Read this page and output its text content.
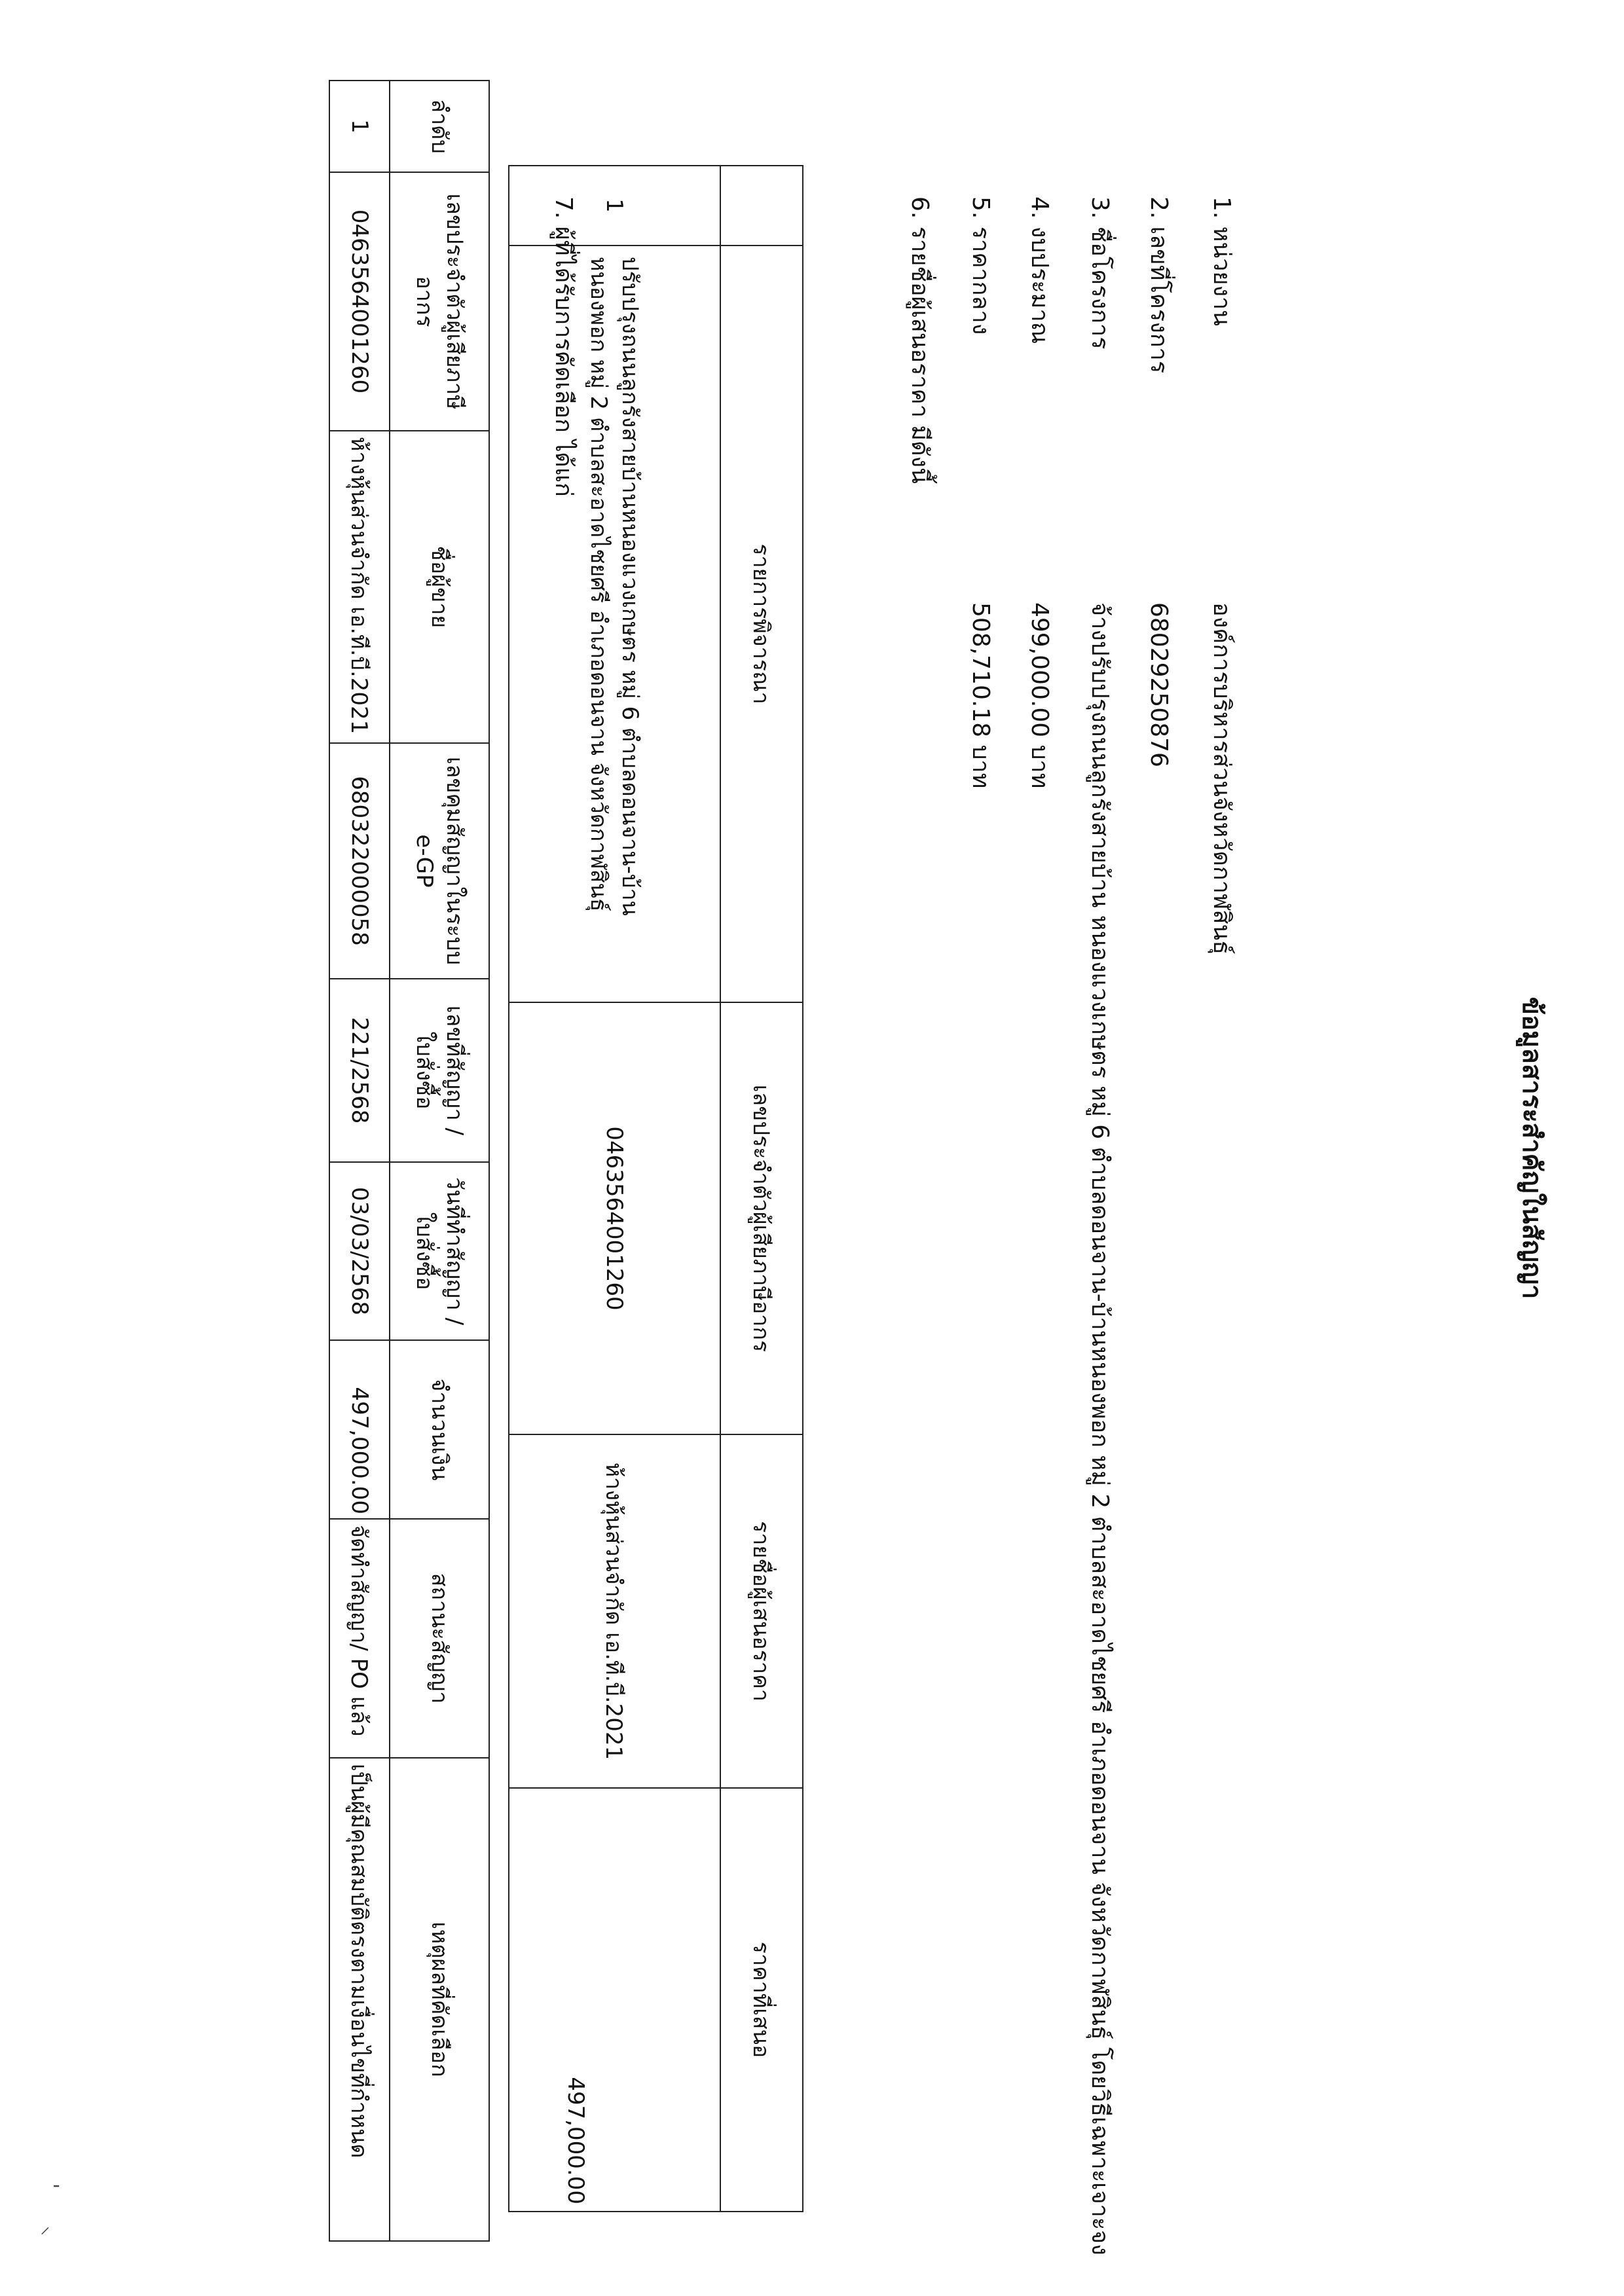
⸌
'
ข้อมูลสาระสำคัญในสัญญา
1. หน่วยงานองค์การบริหารส่วนจังหวัดกาฬสินธุ์
2. เลขที่โครงการ68029250876
3. ชื่อโครงการจ้างปรับปรุงถนนลูกรังสายบ้าน หนองแวงเกษตร หมู่ 6 ตำบลดอนจาน-บ้านหนองพอก หมู่ 2 ตำบลสะอาดไชยศรี อำเภอดอนจาน จังหวัดกาฬสินธุ์ โดยวิธีเฉพาะเจาะจง
4. งบประมาณ499,000.00 บาท
5. ราคากลาง508,710.18 บาท
6. รายชื่อผู้เสนอราคา มีดังนี้
	รายการพิจารณา	เลขประจำตัวผู้เสียภาษีอากร	รายชื่อผู้เสนอราคา	ราคาที่เสนอ
1	ปรับปรุงถนนลูกรังสายบ้านหนองแวงเกษตร หมู่ 6 ตำบลดอนจาน-บ้านหนองพอก หมู่ 2 ตำบลสะอาดไชยศรี อำเภอดอนจาน จังหวัดกาฬสินธุ์	0463564001260	ห้างหุ้นส่วนจำกัด เอ.ที.บี.2021	497,000.00
7. ผู้ที่ได้รับการคัดเลือก ได้แก่
ลำดับ	เลขประจำตัวผู้เสียภาษีอากร	ชื่อผู้ขาย	เลขคุมสัญญาในระบบ e-GP	เลขที่สัญญา / ใบสั่งซื้อ	วันที่ทำสัญญา / ใบสั่งซื้อ	จำนวนเงิน	สถานะสัญญา	เหตุผลที่คัดเลือก
1	0463564001260	ห้างหุ้นส่วนจำกัด เอ.ที.บี.2021	680322000058	221/2568	03/03/2568	497,000.00	จัดทำสัญญา/ PO แล้ว	เป็นผู้มีคุณสมบัติตรงตามเงื่อนไขที่กำหนด
